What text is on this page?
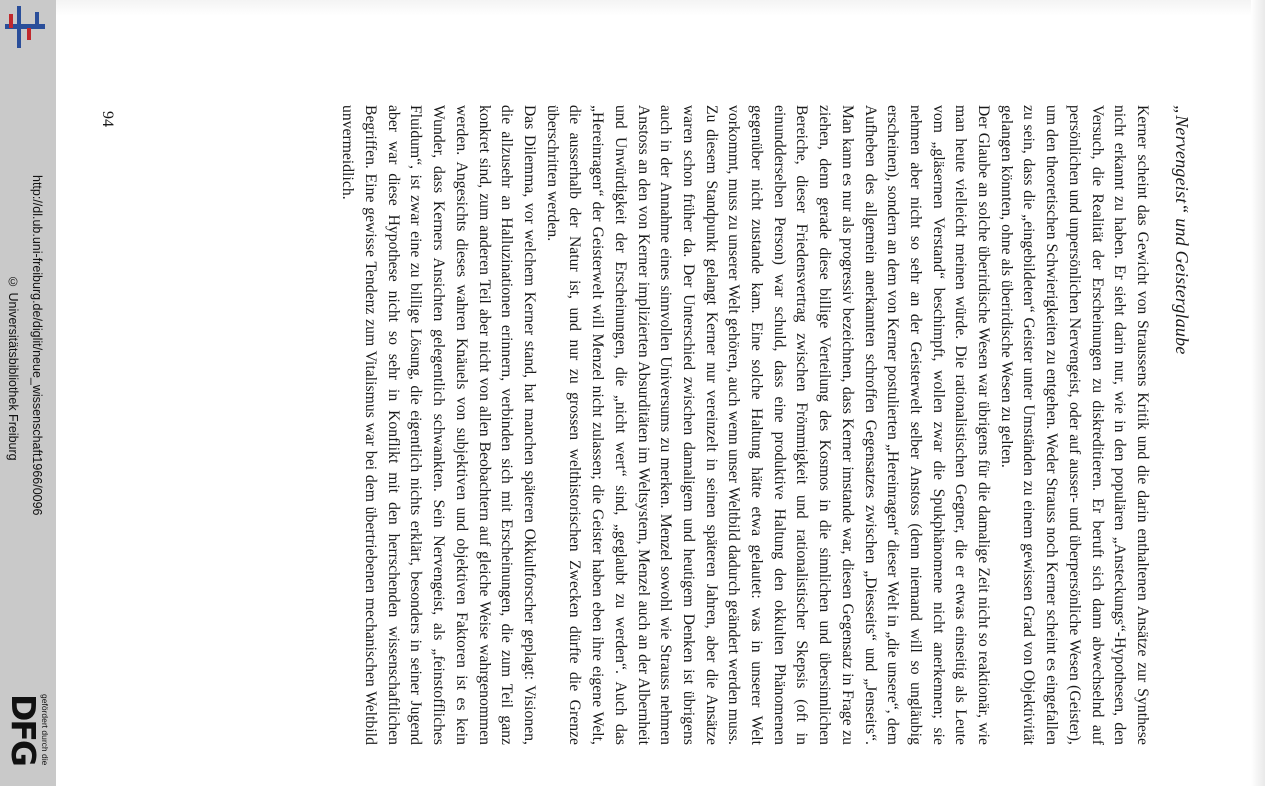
http://dl.ub.uni-freiburg.de/diglit/neue_wissenschaft1966/0096
© Universitätsbibliothek Freiburg
gefördert durch die
DFG
„Nervengeist“ und Geisterglaube

Kerner scheint das Gewicht von Straussens Kritik und die darin enthaltenen Ansätze zur Synthese nicht erkannt zu haben. Er sieht darin nur, wie in den populären „Ansteckungs“-Hypothesen, den Versuch, die Realität der Erscheinungen zu diskreditieren. Er beruft sich dann abwechselnd auf persönlichen und unpersönlichen Nervengeist, oder auf ausser- und überpersönliche Wesen (Geister), um den theoretischen Schwierigkeiten zu entgehen. Weder Strauss noch Kerner scheint es eingefallen zu sein, dass die „eingebildeten“ Geister unter Umständen zu einem gewissen Grad von Objektivität gelangen könnten, ohne als überirdische Wesen zu gelten.

Der Glaube an solche überirdische Wesen war übrigens für die damalige Zeit nicht so reaktionär, wie man heute vielleicht meinen würde. Die rationalistischen Gegner, die er etwas einseitig als Leute vom „gläsernen Verstand“ beschimpft, wollen zwar die Spukphänomene nicht anerkennen; sie nehmen aber nicht so sehr an der Geisterwelt selber Anstoss (denn niemand will so ungläubig erscheinen), sondern an dem von Kerner postulierten „Hereinragen“ dieser Welt in „die unsere“, dem Aufheben des allgemein anerkannten schroffen Gegensatzes zwischen „Diesseits“ und „Jenseits“. Man kann es nur als progressiv bezeichnen, dass Kerner imstande war, diesen Gegensatz in Frage zu ziehen, denn gerade diese billige Verteilung des Kosmos in die sinnlichen und übersinnlichen Bereiche, dieser Friedensvertrag zwischen Frömmigkeit und rationalistischer Skepsis (oft in einundderselben Person) war schuld, dass eine produktive Haltung den okkulten Phänomenen gegenüber nicht zustande kam. Eine solche Haltung hätte etwa gelautet: was in unserer Welt vorkommt, muss zu unserer Welt gehören, auch wenn unser Weltbild dadurch geändert werden muss. Zu diesem Standpunkt gelangt Kerner nur vereinzelt in seinen späteren Jahren, aber die Ansätze waren schon früher da. Der Unterschied zwischen damaligem und heutigem Denken ist übrigens auch in der Annahme eines sinnvollen Universums zu merken. Menzel sowohl wie Strauss nehmen Anstoss an den von Kerner implizierten Absurditäten im Weltsystem, Menzel auch an der Albernheit und Unwürdigkeit der Erscheinungen, die „nicht wert“ sind, „geglaubt zu werden“. Auch das „Hereinragen“ der Geisterwelt will Menzel nicht zulassen; die Geister haben eben ihre eigene Welt, die ausserhalb der Natur ist, und nur zu grossen welthistorischen Zwecken dürfte die Grenze überschritten werden.

Das Dilemma, vor welchem Kerner stand, hat manchen späteren Okkultforscher geplagt: Visionen, die allzusehr an Halluzinationen erinnern, verbinden sich mit Erscheinungen, die zum Teil ganz konkret sind, zum anderen Teil aber nicht von allen Beobachtern auf gleiche Weise wahrgenommen werden. Angesichts dieses wahren Knäuels von subjektiven und objektiven Faktoren ist es kein Wunder, dass Kerners Ansichten gelegentlich schwankten. Sein Nervengeist, als „feinstoffliches Fluidum“, ist zwar eine zu billige Lösung, die eigentlich nichts erklärt, besonders in seiner Jugend aber war diese Hypothese nicht so sehr in Konflikt mit den herrschenden wissenschaftlichen Begriffen. Eine gewisse Tendenz zum Vitalismus war bei dem übertriebenen mechanischen Weltbild unvermeidlich.

94
